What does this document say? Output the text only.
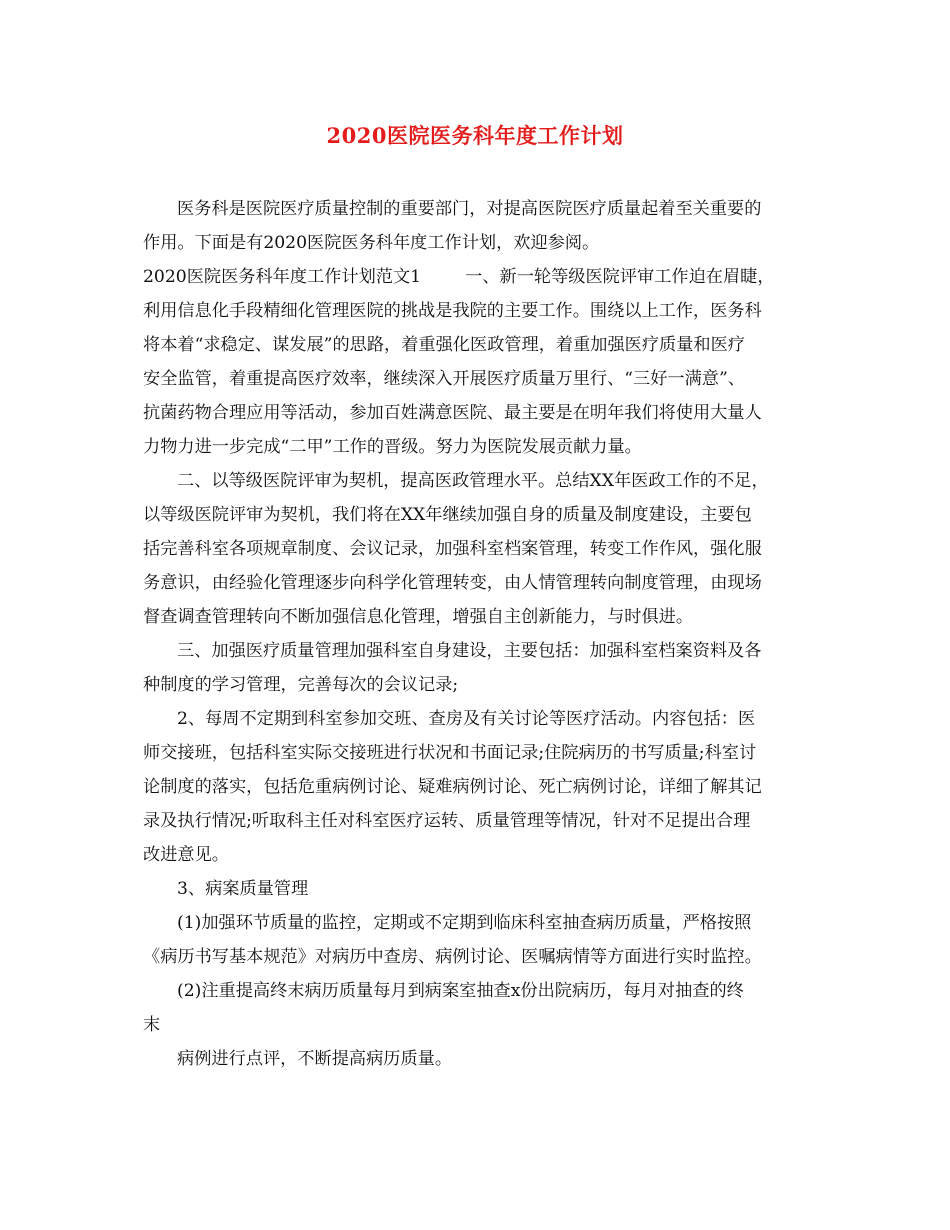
2020医院医务科年度工作计划
医务科是医院医疗质量控制的重要部门，对提高医院医疗质量起着至关重要的
作用。下面是有2020医院医务科年度工作计划，欢迎参阅。
2020医院医务科年度工作计划范文1	一、新一轮等级医院评审工作迫在眉睫，
利用信息化手段精细化管理医院的挑战是我院的主要工作。围绕以上工作，医务科
将本着“求稳定、谋发展”的思路，着重强化医政管理，着重加强医疗质量和医疗
安全监管，着重提高医疗效率，继续深入开展医疗质量万里行、“三好一满意”、
抗菌药物合理应用等活动，参加百姓满意医院、最主要是在明年我们将使用大量人
力物力进一步完成“二甲”工作的晋级。努力为医院发展贡献力量。
二、以等级医院评审为契机，提高医政管理水平。总结XX年医政工作的不足，
以等级医院评审为契机，我们将在XX年继续加强自身的质量及制度建设，主要包
括完善科室各项规章制度、会议记录，加强科室档案管理，转变工作作风，强化服
务意识，由经验化管理逐步向科学化管理转变，由人情管理转向制度管理，由现场
督查调查管理转向不断加强信息化管理，增强自主创新能力，与时俱进。
三、加强医疗质量管理加强科室自身建设，主要包括：加强科室档案资料及各
种制度的学习管理，完善每次的会议记录;
2、每周不定期到科室参加交班、查房及有关讨论等医疗活动。内容包括：医
师交接班，包括科室实际交接班进行状况和书面记录;住院病历的书写质量;科室讨
论制度的落实，包括危重病例讨论、疑难病例讨论、死亡病例讨论，详细了解其记
录及执行情况;听取科主任对科室医疗运转、质量管理等情况，针对不足提出合理
改进意见。
3、病案质量管理
(1)加强环节质量的监控，定期或不定期到临床科室抽查病历质量，严格按照
《病历书写基本规范》对病历中查房、病例讨论、医嘱病情等方面进行实时监控。
(2)注重提高终末病历质量每月到病案室抽查x份出院病历，每月对抽查的终
末
病例进行点评，不断提高病历质量。
